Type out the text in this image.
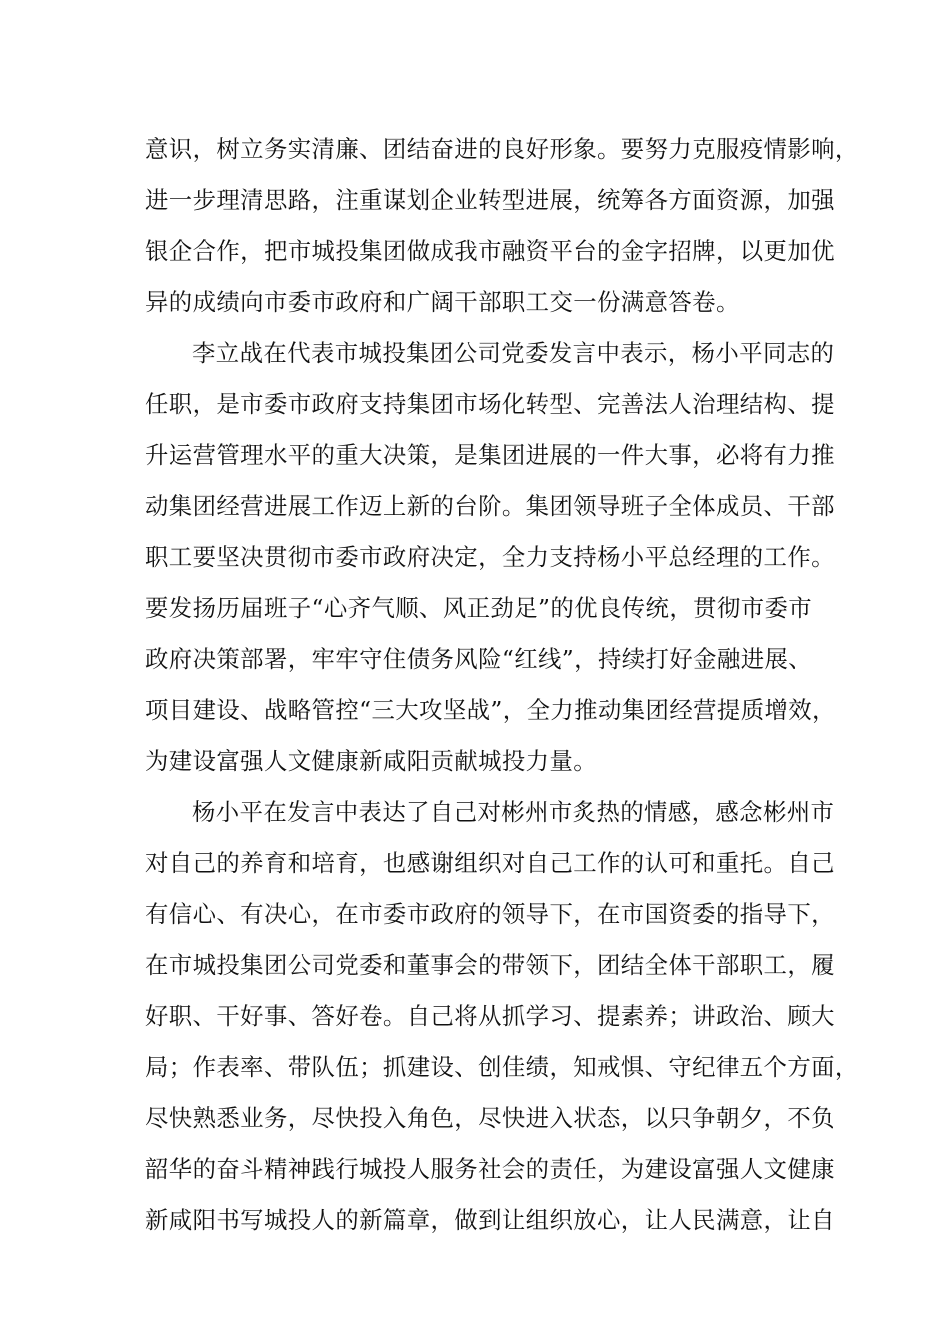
意识，树立务实清廉、团结奋进的良好形象。要努力克服疫情影响，
进一步理清思路，注重谋划企业转型进展，统筹各方面资源，加强
银企合作，把市城投集团做成我市融资平台的金字招牌，以更加优
异的成绩向市委市政府和广阔干部职工交一份满意答卷。
李立战在代表市城投集团公司党委发言中表示，杨小平同志的
任职，是市委市政府支持集团市场化转型、完善法人治理结构、提
升运营管理水平的重大决策，是集团进展的一件大事，必将有力推
动集团经营进展工作迈上新的台阶。集团领导班子全体成员、干部
职工要坚决贯彻市委市政府决定，全力支持杨小平总经理的工作。
要发扬历届班子“心齐气顺、风正劲足”的优良传统，贯彻市委市
政府决策部署，牢牢守住债务风险“红线”，持续打好金融进展、
项目建设、战略管控“三大攻坚战”，全力推动集团经营提质增效，
为建设富强人文健康新咸阳贡献城投力量。
杨小平在发言中表达了自己对彬州市炙热的情感，感念彬州市
对自己的养育和培育，也感谢组织对自己工作的认可和重托。自己
有信心、有决心，在市委市政府的领导下，在市国资委的指导下，
在市城投集团公司党委和董事会的带领下，团结全体干部职工，履
好职、干好事、答好卷。自己将从抓学习、提素养；讲政治、顾大
局；作表率、带队伍；抓建设、创佳绩，知戒惧、守纪律五个方面，
尽快熟悉业务，尽快投入角色，尽快进入状态，以只争朝夕，不负
韶华的奋斗精神践行城投人服务社会的责任，为建设富强人文健康
新咸阳书写城投人的新篇章，做到让组织放心，让人民满意，让自
